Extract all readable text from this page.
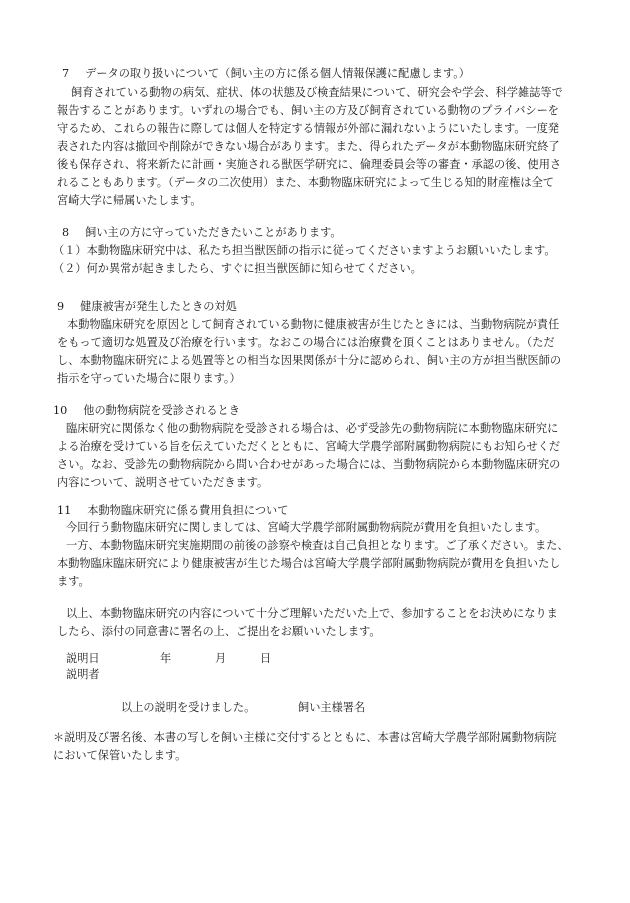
7 データの取り扱いについて（飼い主の方に係る個人情報保護に配慮します。）

飼育されている動物の病気、症状、体の状態及び検査結果について、研究会や学会、科学雑誌等で

報告することがあります。いずれの場合でも、飼い主の方及び飼育されている動物のプライバシーを

守るため、これらの報告に際しては個人を特定する情報が外部に漏れないようにいたします。一度発

表された内容は撤回や削除ができない場合があります。また、得られたデータが本動物臨床研究終了

後も保存され、将来新たに計画・実施される獣医学研究に、倫理委員会等の審査・承認の後、使用さ

れることもあります。（データの二次使用）また、本動物臨床研究によって生じる知的財産権は全て

宮崎大学に帰属いたします。

8 飼い主の方に守っていただきたいことがあります。

（１）本動物臨床研究中は、私たち担当獣医師の指示に従ってくださいますようお願いいたします。

（２）何か異常が起きましたら、すぐに担当獣医師に知らせてください。

9 健康被害が発生したときの対処

本動物臨床研究を原因として飼育されている動物に健康被害が生じたときには、当動物病院が責任

をもって適切な処置及び治療を行います。なおこの場合には治療費を頂くことはありません。（ただ

し、本動物臨床研究による処置等との相当な因果関係が十分に認められ、飼い主の方が担当獣医師の

指示を守っていた場合に限ります。）

10 他の動物病院を受診されるとき

臨床研究に関係なく他の動物病院を受診される場合は、必ず受診先の動物病院に本動物臨床研究に

よる治療を受けている旨を伝えていただくとともに、宮崎大学農学部附属動物病院にもお知らせくだ

さい。なお、受診先の動物病院から問い合わせがあった場合には、当動物病院から本動物臨床研究の

内容について、説明させていただきます。

11 本動物臨床研究に係る費用負担について

今回行う動物臨床研究に関しましては、宮崎大学農学部附属動物病院が費用を負担いたします。

一方、本動物臨床研究実施期間の前後の診察や検査は自己負担となります。ご了承ください。また、

本動物臨床臨床研究により健康被害が生じた場合は宮崎大学農学部附属動物病院が費用を負担いたし

ます。

以上、本動物臨床研究の内容について十分ご理解いただいた上で、参加することをお決めになりま

したら、添付の同意書に署名の上、ご提出をお願いいたします。

説明日	年	月	日

説明者

以上の説明を受けました。	飼い主様署名

＊説明及び署名後、本書の写しを飼い主様に交付するとともに、本書は宮崎大学農学部附属動物病院

において保管いたします。
